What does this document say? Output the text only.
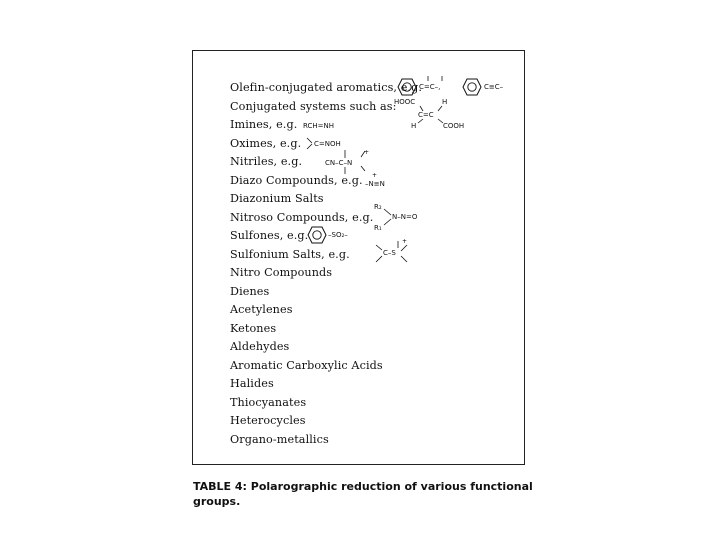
Olefin-conjugated aromatics, e.g.
Conjugated systems such as:
Imines, e.g.
Oximes, e.g.
Nitriles, e.g.
Diazo Compounds, e.g.
Diazonium Salts
Nitroso Compounds, e.g.
Sulfones, e.g.
Sulfonium Salts, e.g.
Nitro Compounds
Dienes
Acetylenes
Ketones
Aldehydes
Aromatic Carboxylic Acids
Halides
Thiocyanates
Heterocycles
Organo-metallics
C=C–,	C≡C–
HOOC	H
C=C
H	COOH
RCH=NH
C=NOH
CN–C–N
+
–N≡N
+
R₂
N–N=O
R₁
–SO₂–
C–S
+
TABLE 4: Polarographic reduction of various functional
groups.
